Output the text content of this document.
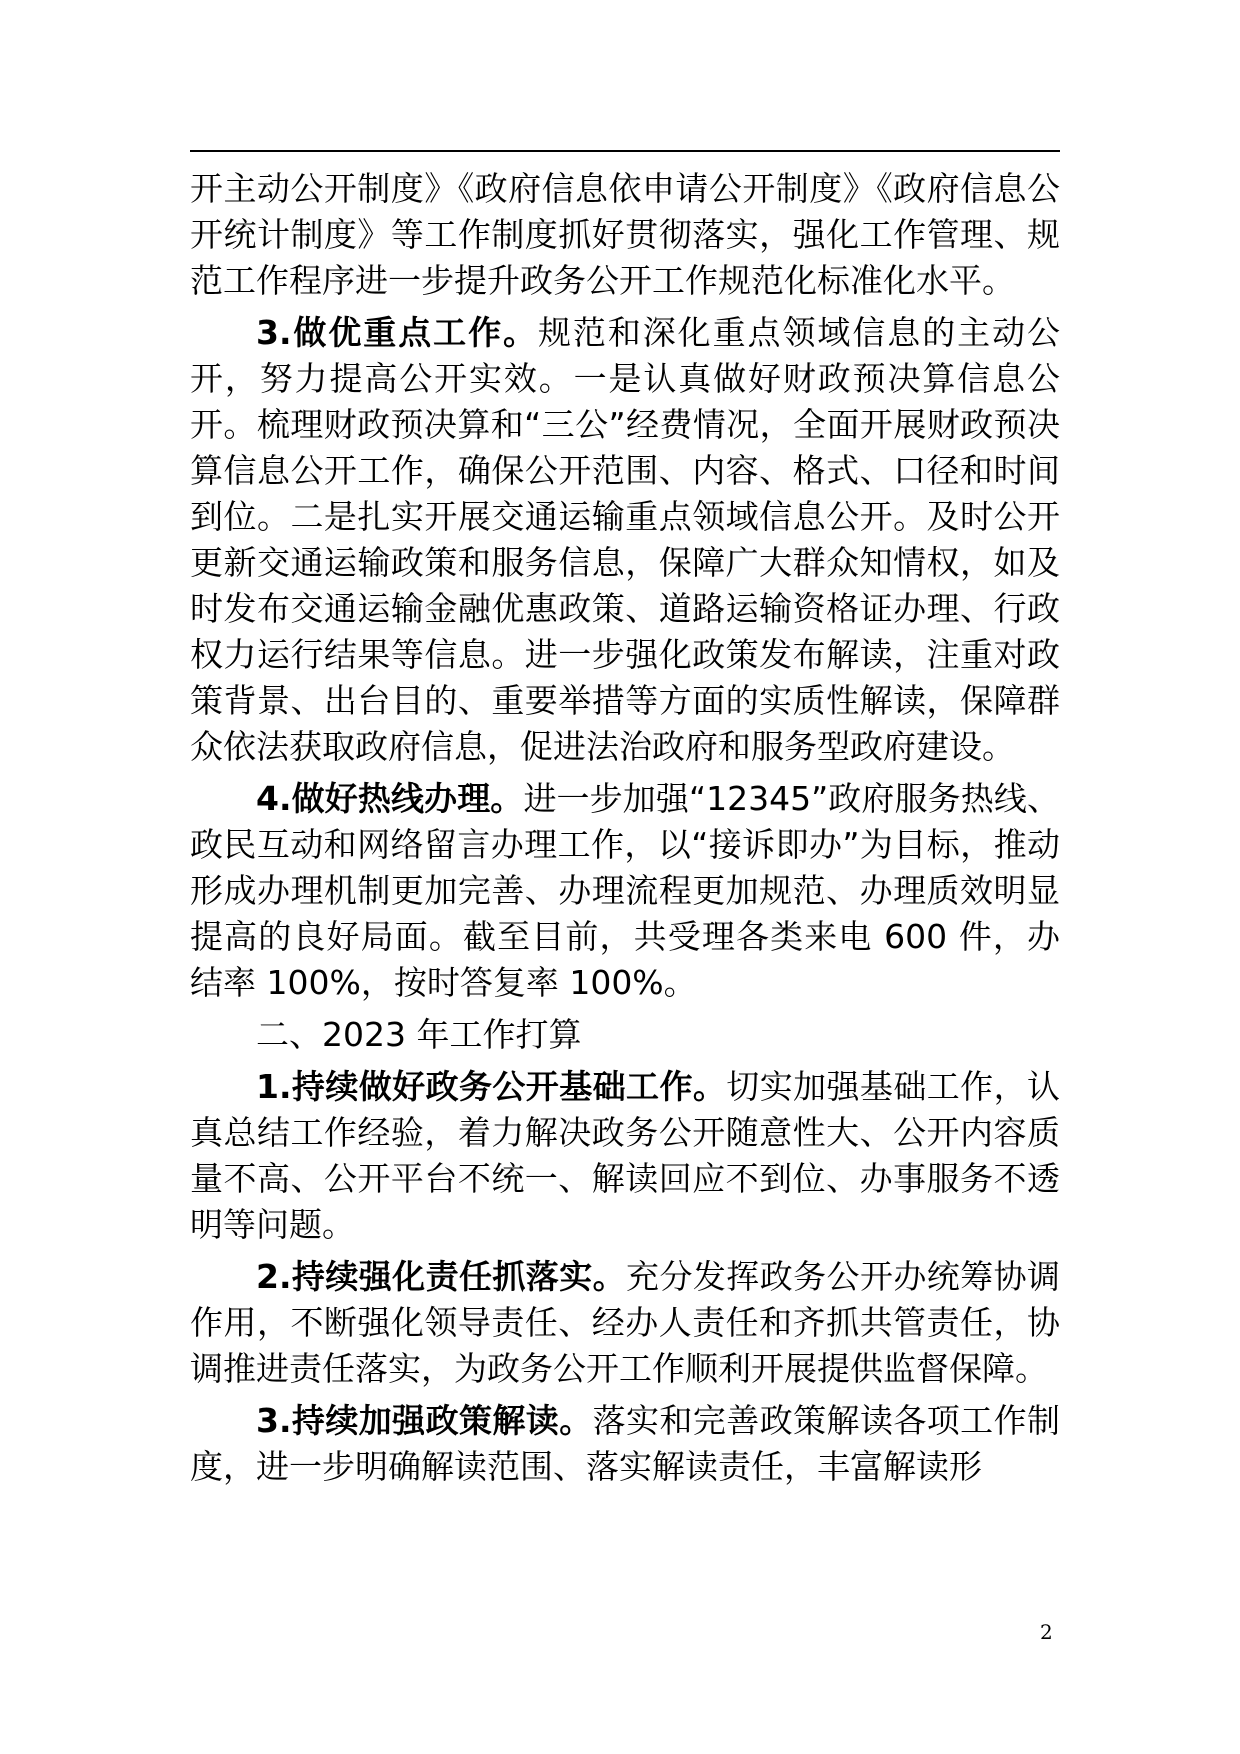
开主动公开制度》《政府信息依申请公开制度》《政府信息公开统计制度》等工作制度抓好贯彻落实，强化工作管理、规范工作程序进一步提升政务公开工作规范化标准化水平。

3.做优重点工作。规范和深化重点领域信息的主动公开，努力提高公开实效。一是认真做好财政预决算信息公开。梳理财政预决算和“三公”经费情况，全面开展财政预决算信息公开工作，确保公开范围、内容、格式、口径和时间到位。二是扎实开展交通运输重点领域信息公开。及时公开更新交通运输政策和服务信息，保障广大群众知情权，如及时发布交通运输金融优惠政策、道路运输资格证办理、行政权力运行结果等信息。进一步强化政策发布解读，注重对政策背景、出台目的、重要举措等方面的实质性解读，保障群众依法获取政府信息，促进法治政府和服务型政府建设。

4.做好热线办理。进一步加强“12345”政府服务热线、政民互动和网络留言办理工作，以“接诉即办”为目标，推动形成办理机制更加完善、办理流程更加规范、办理质效明显提高的良好局面。截至目前，共受理各类来电 600 件，办结率 100%，按时答复率 100%。

二、2023 年工作打算

1.持续做好政务公开基础工作。切实加强基础工作，认真总结工作经验，着力解决政务公开随意性大、公开内容质量不高、公开平台不统一、解读回应不到位、办事服务不透明等问题。

2.持续强化责任抓落实。充分发挥政务公开办统筹协调作用，不断强化领导责任、经办人责任和齐抓共管责任，协调推进责任落实，为政务公开工作顺利开展提供监督保障。

3.持续加强政策解读。落实和完善政策解读各项工作制度，进一步明确解读范围、落实解读责任，丰富解读形

2
